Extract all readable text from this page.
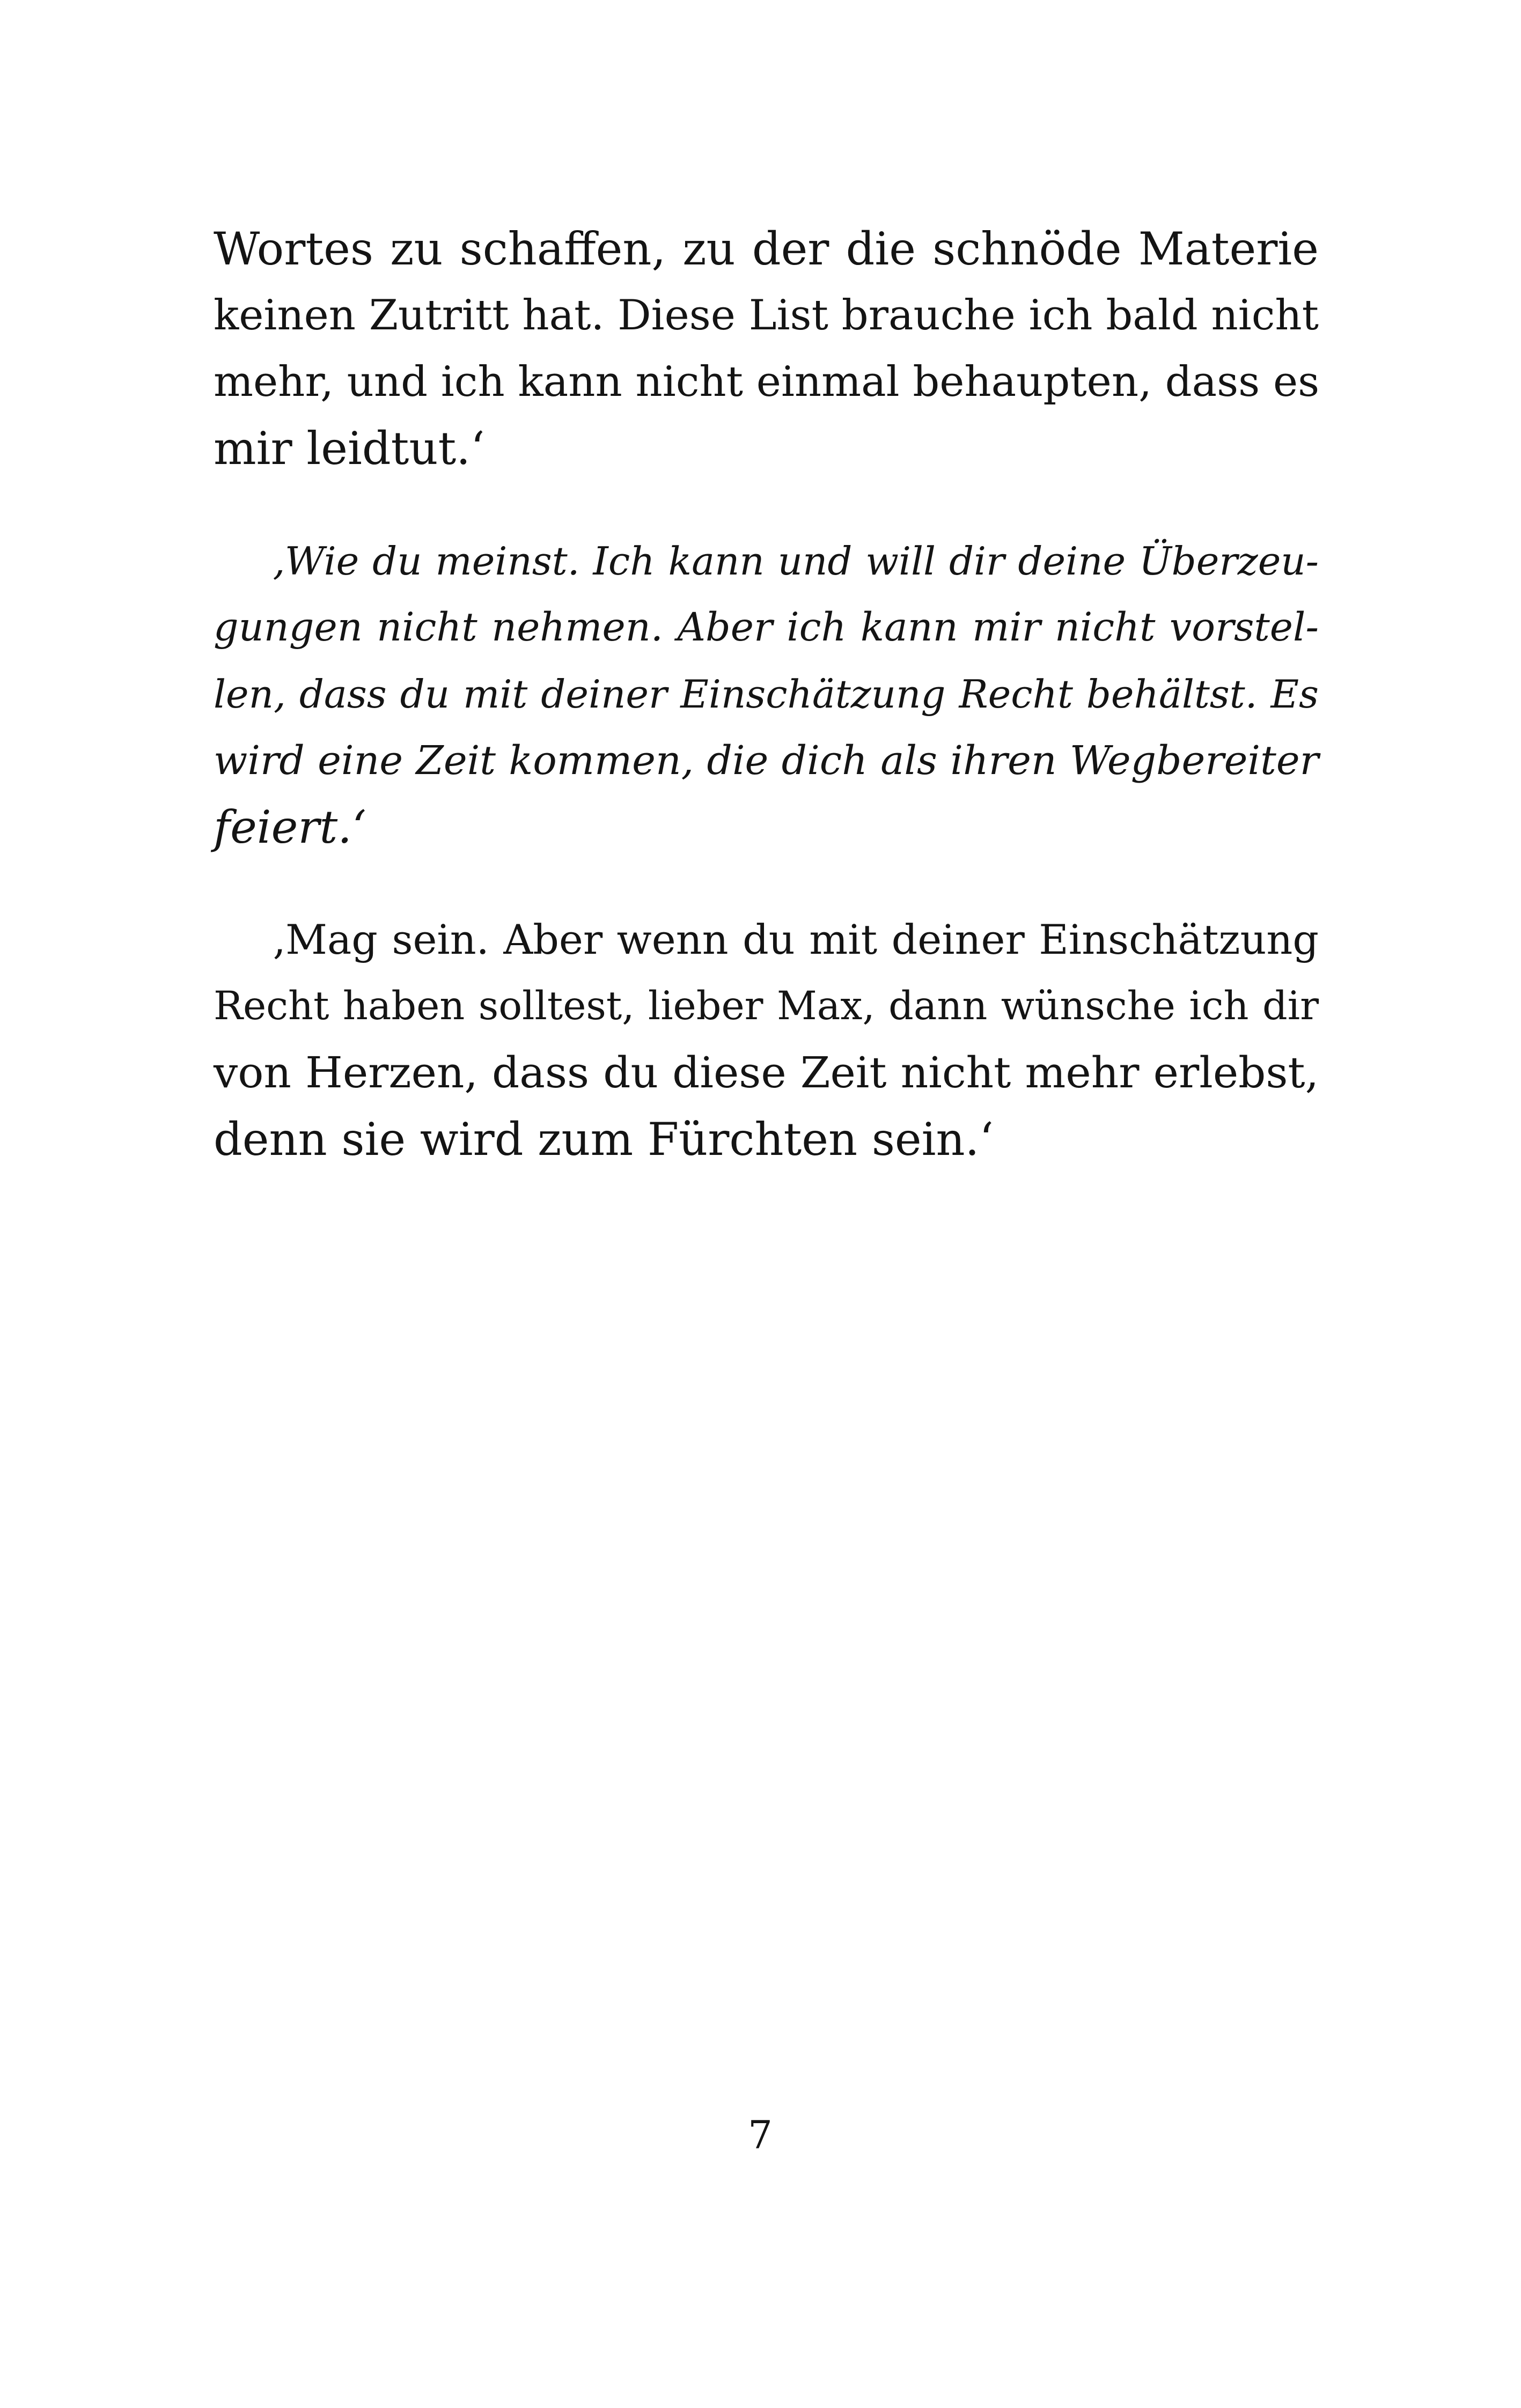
Wortes zu schaffen, zu der die schnöde Materie

keinen Zutritt hat. Diese List brauche ich bald nicht

mehr, und ich kann nicht einmal behaupten, dass es

mir leidtut.‘

‚Wie du meinst. Ich kann und will dir deine Überzeu-

gungen nicht nehmen. Aber ich kann mir nicht vorstel-

len, dass du mit deiner Einschätzung Recht behältst. Es

wird eine Zeit kommen, die dich als ihren Wegbereiter

feiert.‘

‚Mag sein. Aber wenn du mit deiner Einschätzung

Recht haben solltest, lieber Max, dann wünsche ich dir

von Herzen, dass du diese Zeit nicht mehr erlebst,

denn sie wird zum Fürchten sein.‘

7
